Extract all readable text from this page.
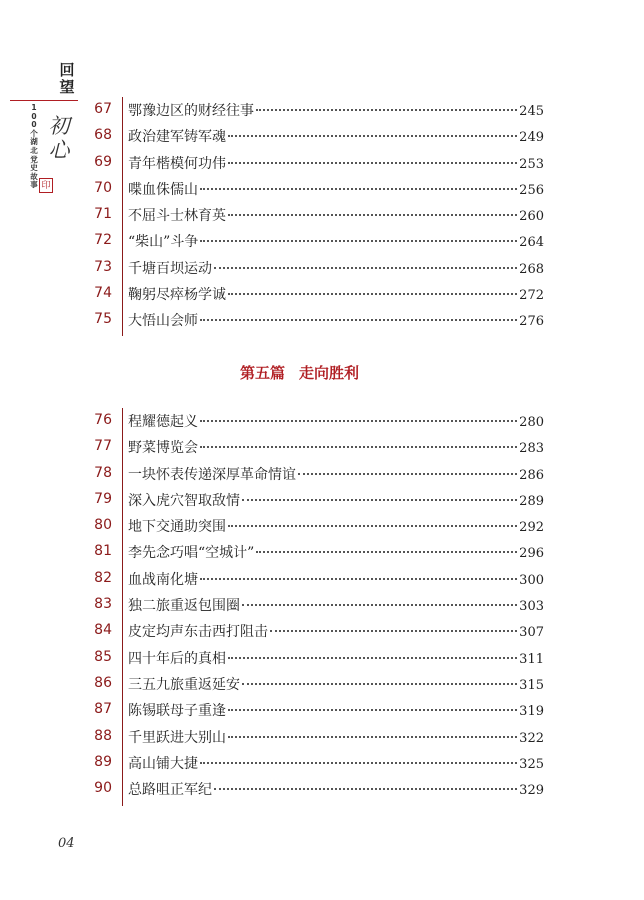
回
望
1
0
0
个
湖
北
党
史
故
事
初
心
印
67 鄂豫边区的财经往事	245
68 政治建军铸军魂	249
69 青年楷模何功伟	253
70 喋血侏儒山	256
71 不屈斗士林育英	260
72 “柴山”斗争	264
73 千塘百坝运动	268
74 鞠躬尽瘁杨学诚	272
75 大悟山会师	276
第五篇 走向胜利
76 程耀德起义	280
77 野菜博览会	283
78 一块怀表传递深厚革命情谊	286
79 深入虎穴智取敌情	289
80 地下交通助突围	292
81 李先念巧唱“空城计”	296
82 血战南化塘	300
83 独二旅重返包围圈	303
84 皮定均声东击西打阻击	307
85 四十年后的真相	311
86 三五九旅重返延安	315
87 陈锡联母子重逢	319
88 千里跃进大别山	322
89 高山铺大捷	325
90 总路咀正军纪	329
04
